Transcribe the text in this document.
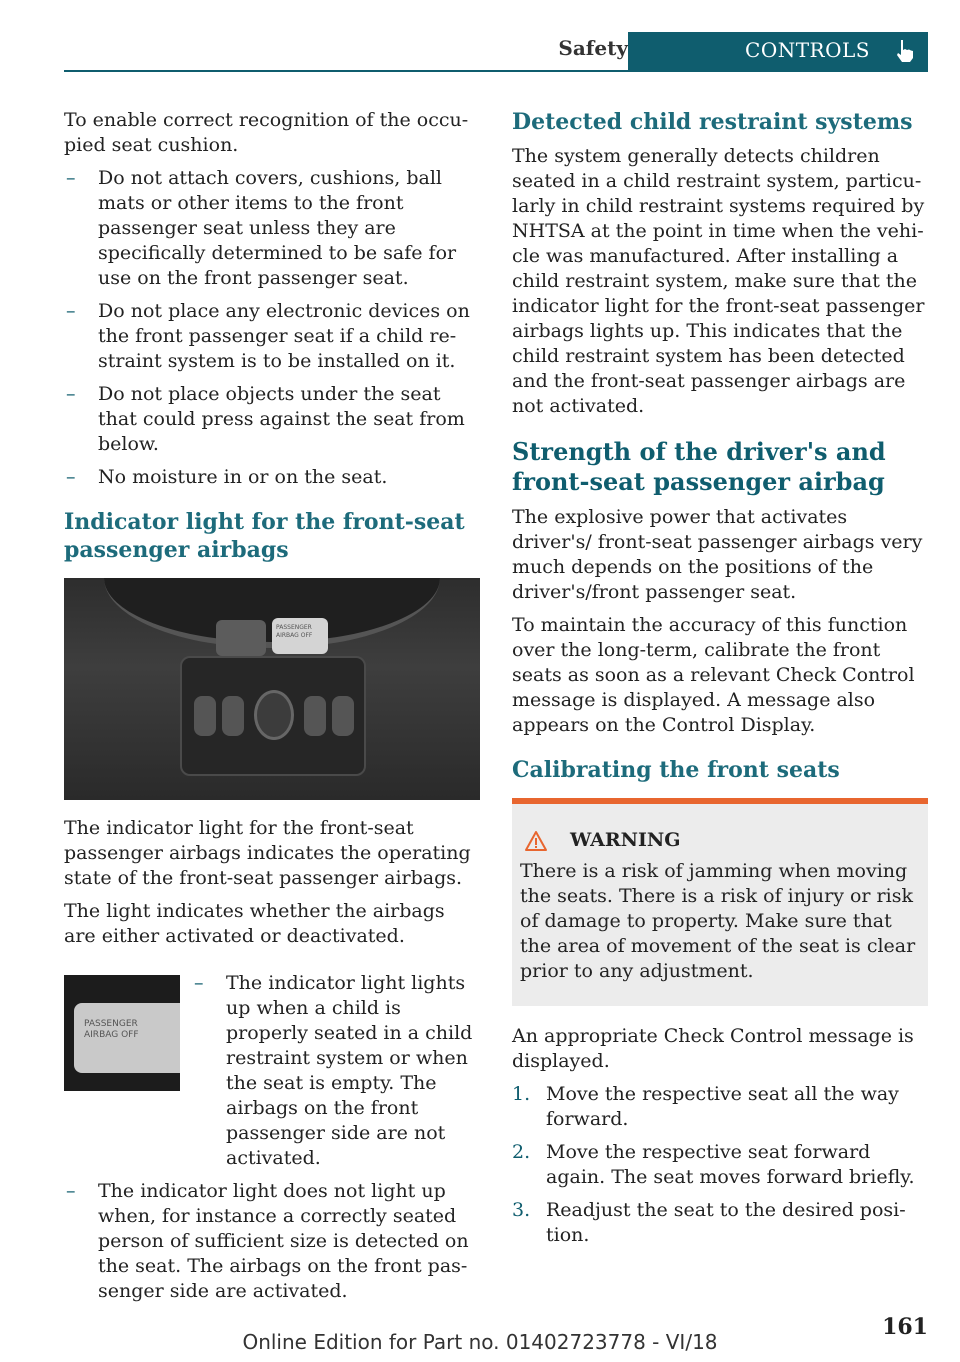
Safety	CONTROLS

To enable correct recognition of the occupied seat cushion.

– Do not attach covers, cushions, ball mats or other items to the front passenger seat unless they are specifically determined to be safe for use on the front passenger seat.
– Do not place any electronic devices on the front passenger seat if a child restraint system is to be installed on it.
– Do not place objects under the seat that could press against the seat from below.
– No moisture in or on the seat.
Indicator light for the front-seat passenger airbags
PASSENGER AIRBAG OFF

The indicator light for the front-seat passenger airbags indicates the operating state of the front-seat passenger airbags.

The light indicates whether the airbags are either activated or deactivated.

PASSENGER
AIRBAG OFF
– The indicator light lights up when a child is properly seated in a child restraint system or when the seat is empty. The airbags on the front passenger side are not activated.
– The indicator light does not light up when, for instance a correctly seated person of sufficient size is detected on the seat. The airbags on the front passenger side are activated.
Detected child restraint systems

The system generally detects children seated in a child restraint system, particularly in child restraint systems required by NHTSA at the point in time when the vehicle was manufactured. After installing a child restraint system, make sure that the indicator light for the front-seat passenger airbags lights up. This indicates that the child restraint system has been detected and the front-seat passenger airbags are not activated.

Strength of the driver's and front-seat passenger airbag

The explosive power that activates driver's/ front-seat passenger airbags very much depends on the positions of the driver's/front passenger seat.

To maintain the accuracy of this function over the long-term, calibrate the front seats as soon as a relevant Check Control message is displayed. A message also appears on the Control Display.

Calibrating the front seats
WARNING
There is a risk of jamming when moving the seats. There is a risk of injury or risk of damage to property. Make sure that the area of movement of the seat is clear prior to any adjustment.

An appropriate Check Control message is displayed.

1. Move the respective seat all the way forward.
2. Move the respective seat forward again. The seat moves forward briefly.
3. Readjust the seat to the desired position.
161
Online Edition for Part no. 01402723778 - VI/18
